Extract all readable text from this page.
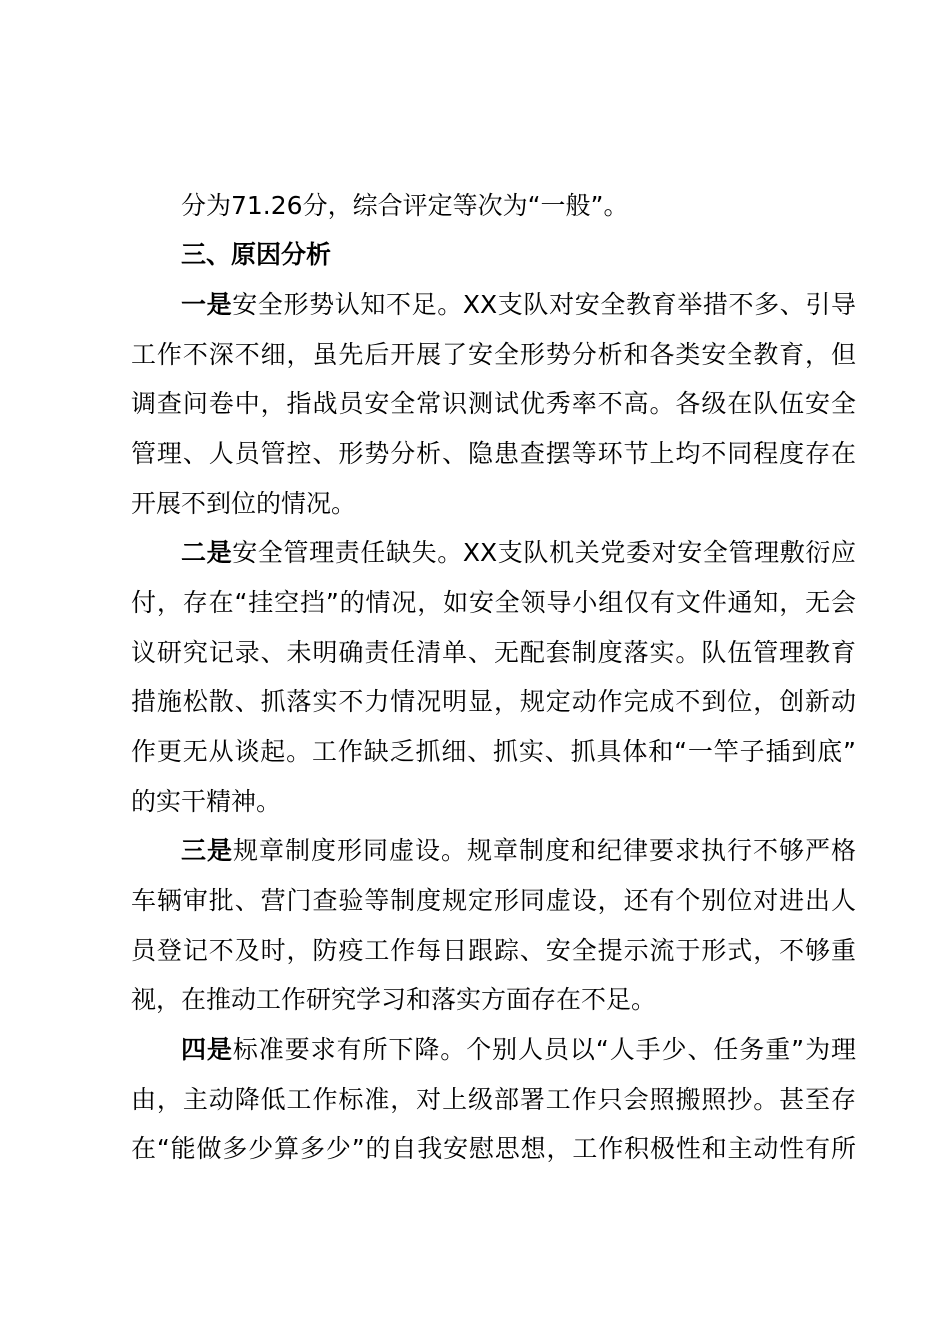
分为71.26分，综合评定等次为“一般”。
三、原因分析
一是安全形势认知不足。XX支队对安全教育举措不多、引导
工作不深不细，虽先后开展了安全形势分析和各类安全教育，但
调查问卷中，指战员安全常识测试优秀率不高。各级在队伍安全
管理、人员管控、形势分析、隐患查摆等环节上均不同程度存在
开展不到位的情况。
二是安全管理责任缺失。XX支队机关党委对安全管理敷衍应
付，存在“挂空挡”的情况，如安全领导小组仅有文件通知，无会
议研究记录、未明确责任清单、无配套制度落实。队伍管理教育
措施松散、抓落实不力情况明显，规定动作完成不到位，创新动
作更无从谈起。工作缺乏抓细、抓实、抓具体和“一竿子插到底”
的实干精神。
三是规章制度形同虚设。规章制度和纪律要求执行不够严格
车辆审批、营门查验等制度规定形同虚设，还有个别位对进出人
员登记不及时，防疫工作每日跟踪、安全提示流于形式，不够重
视，在推动工作研究学习和落实方面存在不足。
四是标准要求有所下降。个别人员以“人手少、任务重”为理
由，主动降低工作标准，对上级部署工作只会照搬照抄。甚至存
在“能做多少算多少”的自我安慰思想，工作积极性和主动性有所
